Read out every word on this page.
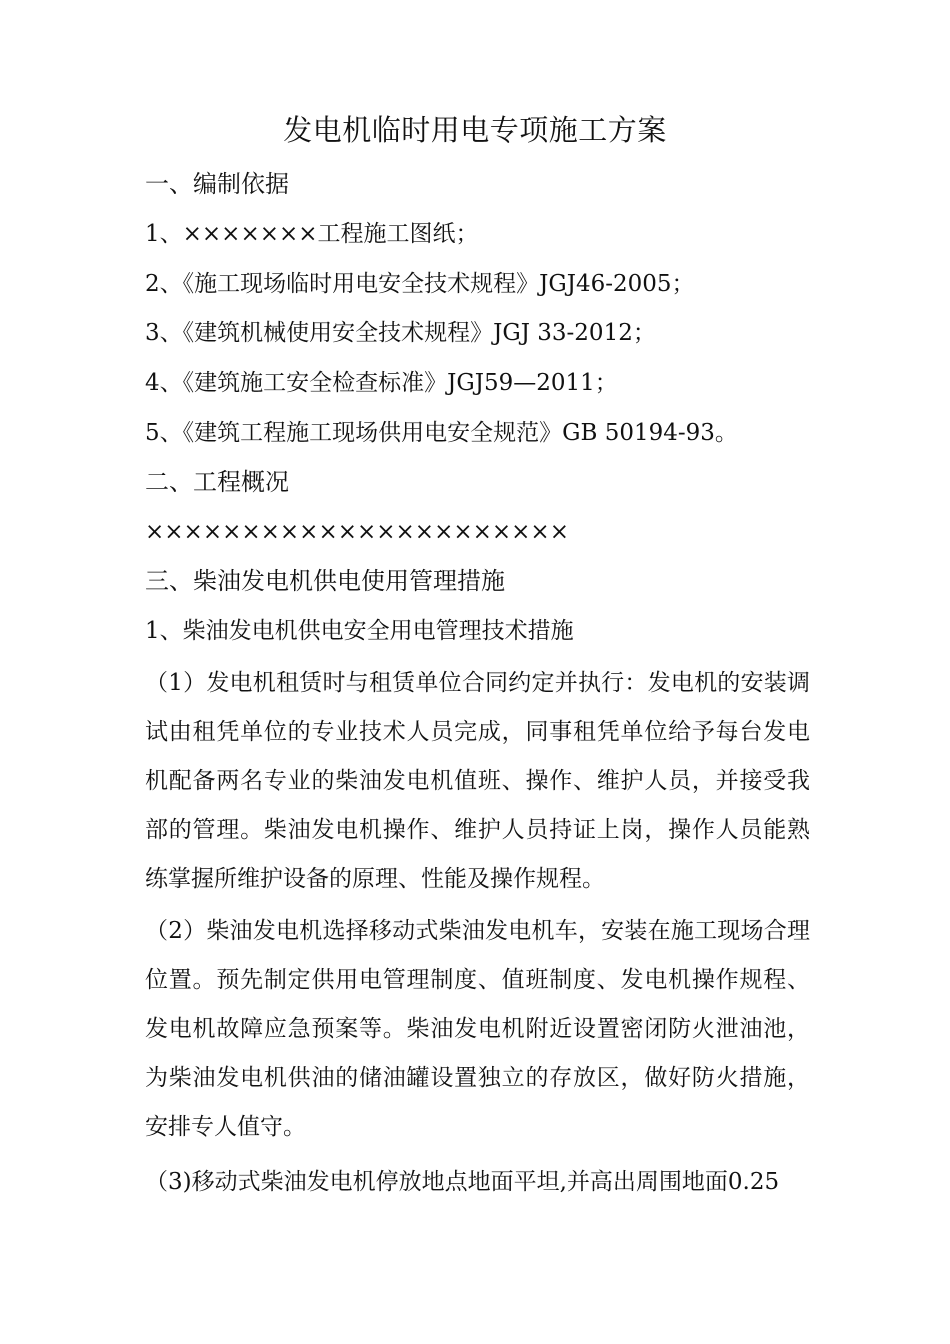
发电机临时用电专项施工方案
一、编制依据
1、×××××××工程施工图纸；
2、《施工现场临时用电安全技术规程》JGJ46-2005；
3、《建筑机械使用安全技术规程》JGJ 33-2012；
4、《建筑施工安全检查标准》JGJ59—2011；
5、《建筑工程施工现场供用电安全规范》GB 50194-93。
二、工程概况
××××××××××××××××××××××
三、柴油发电机供电使用管理措施
1、柴油发电机供电安全用电管理技术措施
（1）发电机租赁时与租赁单位合同约定并执行：发电机的安装调试由租凭单位的专业技术人员完成，同事租凭单位给予每台发电机配备两名专业的柴油发电机值班、操作、维护人员，并接受我部的管理。柴油发电机操作、维护人员持证上岗，操作人员能熟练掌握所维护设备的原理、性能及操作规程。
（2）柴油发电机选择移动式柴油发电机车，安装在施工现场合理位置。预先制定供用电管理制度、值班制度、发电机操作规程、发电机故障应急预案等。柴油发电机附近设置密闭防火泄油池，为柴油发电机供油的储油罐设置独立的存放区，做好防火措施，安排专人值守。
（3)移动式柴油发电机停放地点地面平坦,并高出周围地面0.25
